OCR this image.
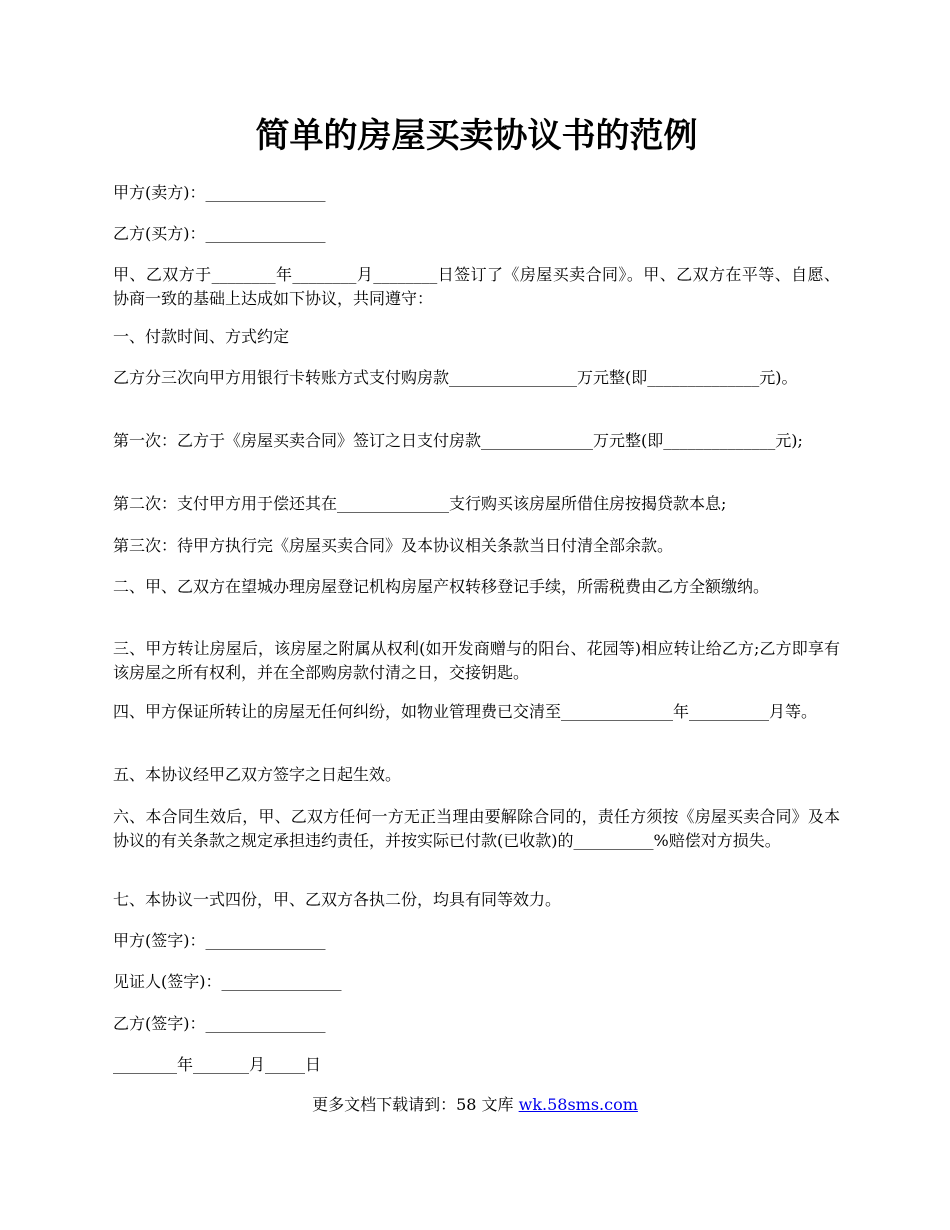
简单的房屋买卖协议书的范例

甲方(卖方)：_______________

乙方(买方)：_______________

甲、乙双方于________年________月________日签订了《房屋买卖合同》。甲、乙双方在平等、自愿、协商一致的基础上达成如下协议，共同遵守：

一、付款时间、方式约定

乙方分三次向甲方用银行卡转账方式支付购房款________________万元整(即______________元)。

第一次：乙方于《房屋买卖合同》签订之日支付房款______________万元整(即______________元);

第二次：支付甲方用于偿还其在______________支行购买该房屋所借住房按揭贷款本息;

第三次：待甲方执行完《房屋买卖合同》及本协议相关条款当日付清全部余款。

二、甲、乙双方在望城办理房屋登记机构房屋产权转移登记手续，所需税费由乙方全额缴纳。

三、甲方转让房屋后，该房屋之附属从权利(如开发商赠与的阳台、花园等)相应转让给乙方;乙方即享有该房屋之所有权利，并在全部购房款付清之日，交接钥匙。

四、甲方保证所转让的房屋无任何纠纷，如物业管理费已交清至______________年__________月等。

五、本协议经甲乙双方签字之日起生效。

六、本合同生效后，甲、乙双方任何一方无正当理由要解除合同的，责任方须按《房屋买卖合同》及本协议的有关条款之规定承担违约责任，并按实际已付款(已收款)的__________%赔偿对方损失。

七、本协议一式四份，甲、乙双方各执二份，均具有同等效力。

甲方(签字)：_______________

见证人(签字)：_______________

乙方(签字)：_______________

________年_______月_____日

更多文档下载请到：58 文库 wk.58sms.com
